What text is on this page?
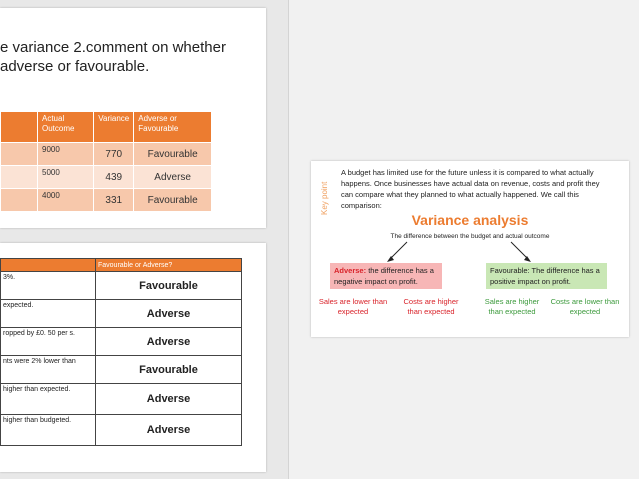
e variance 2.comment on whether
adverse or favourable.
	Actual Outcome	Variance	Adverse or Favourable
	9000	770	Favourable
	5000	439	Adverse
	4000	331	Favourable
	Favourable or Adverse?
3%.	Favourable
expected.	Adverse
ropped by £0. 50 per s.	Adverse
nts were 2% lower than	Favourable
higher than expected.	Adverse
higher than budgeted.	Adverse
Key point
A budget has limited use for the future unless it is compared to what actually happens. Once businesses have actual data on revenue, costs and profit they can compare what they planned to what actually happened. We call this comparison:
Variance analysis
The difference between the budget and actual outcome
Adverse: the difference has a negative impact on profit.
Favourable: The difference has a positive impact on profit.
Sales are lower than expected
Costs are higher than expected
Sales are higher than expected
Costs are lower than expected
